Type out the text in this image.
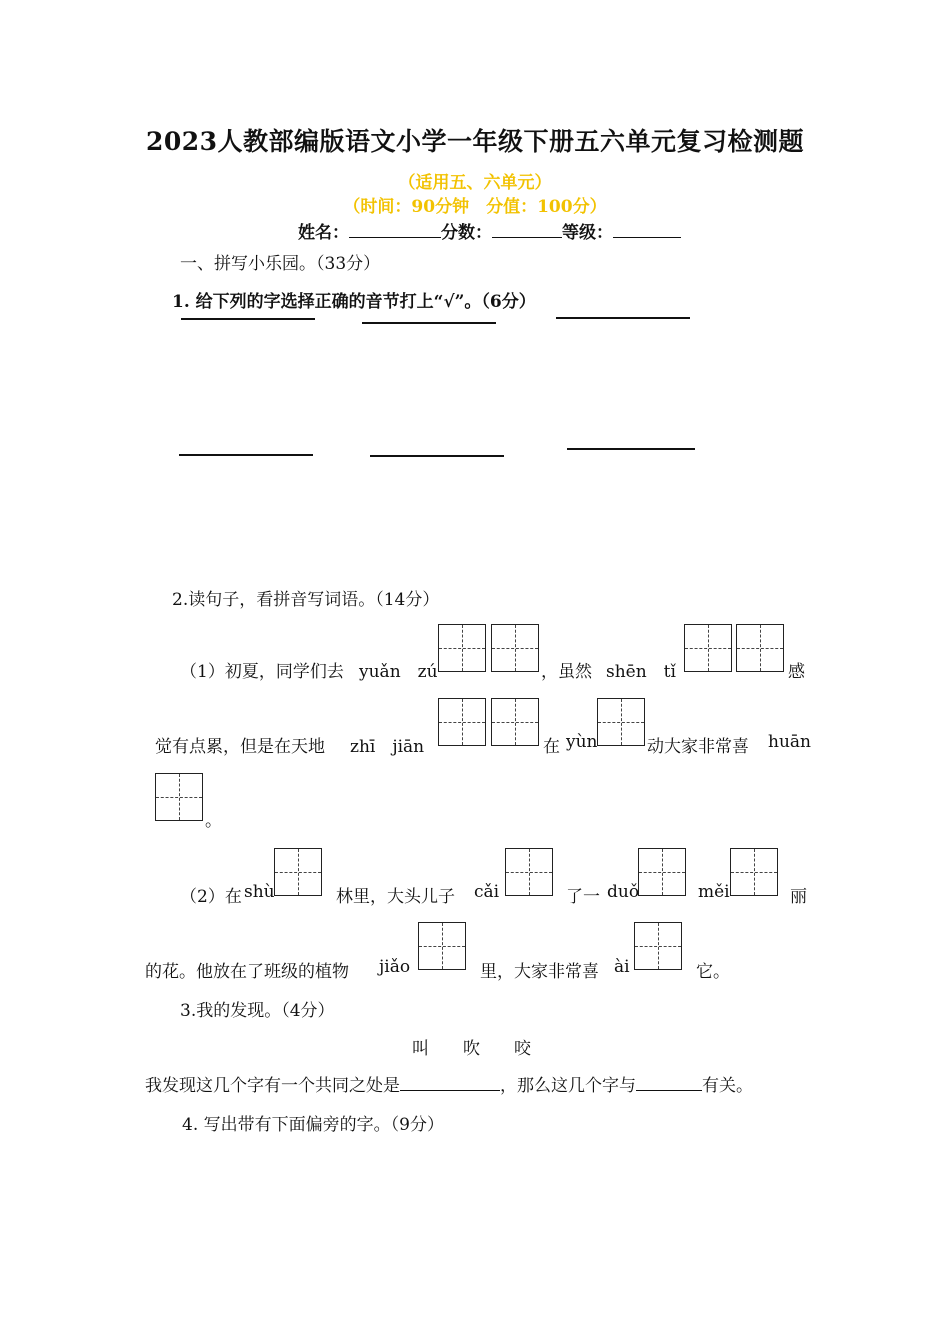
2023人教部编版语文小学一年级下册五六单元复习检测题
（适用五、六单元）
（时间：90分钟　分值：100分）
姓名：	分数：	等级：
一、拼写小乐园。（33分）
1. 给下列的字选择正确的音节打上“√”。（6分）
2.读句子，看拼音写词语。（14分）
（1）初夏，同学们去 yuǎn　zú	，虽然 shēn　tǐ	感
觉有点累，但是在天地 zhī　jiān	在 yùn	动大家非常喜 huān
。
（2）在 shù	林里，大头儿子 cǎi	了一 duǒ	měi	丽
的花。他放在了班级的植物 jiǎo	里，大家非常喜 ài	它。
3.我的发现。（4分）
叫　　吹　　咬
我发现这几个字有一个共同之处是	，那么这几个字与	有关。
4. 写出带有下面偏旁的字。（9分）
